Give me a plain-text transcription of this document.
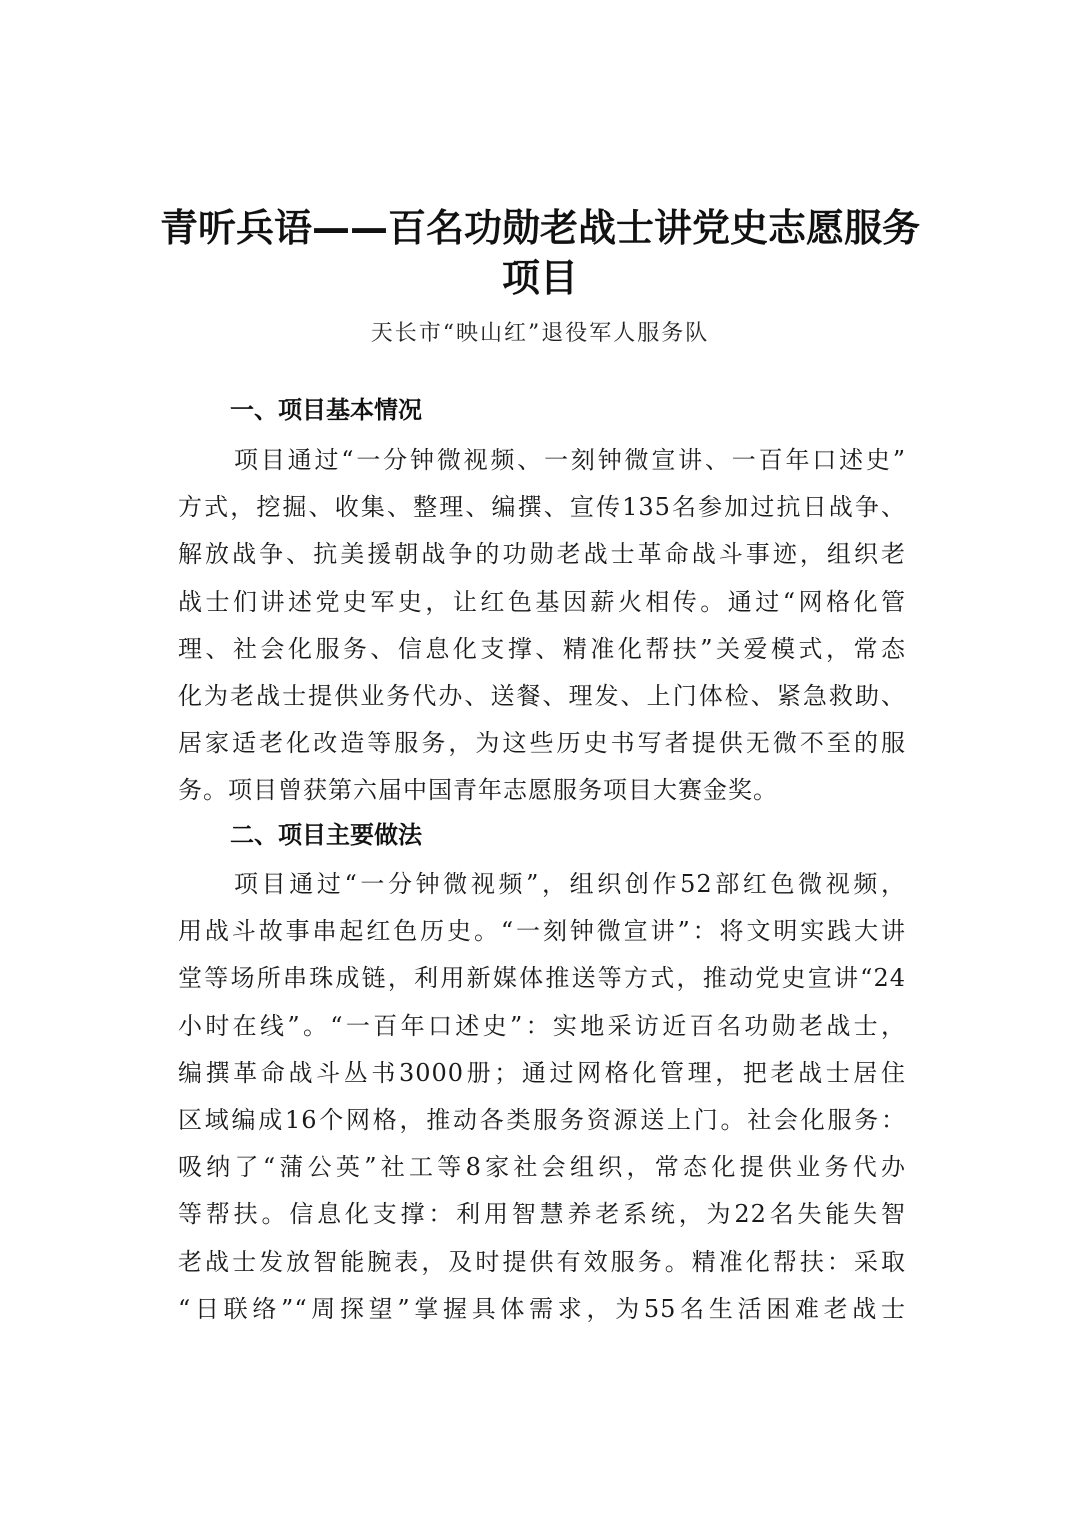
青听兵语——百名功勋老战士讲党史志愿服务
项目
天长市“映山红”退役军人服务队
一、项目基本情况
项目通过“一分钟微视频、一刻钟微宣讲、一百年口述史”
方式，挖掘、收集、整理、编撰、宣传135名参加过抗日战争、
解放战争、抗美援朝战争的功勋老战士革命战斗事迹，组织老
战士们讲述党史军史，让红色基因薪火相传。通过“网格化管
理、社会化服务、信息化支撑、精准化帮扶”关爱模式，常态
化为老战士提供业务代办、送餐、理发、上门体检、紧急救助、
居家适老化改造等服务，为这些历史书写者提供无微不至的服
务。项目曾获第六届中国青年志愿服务项目大赛金奖。
二、项目主要做法
项目通过“一分钟微视频”，组织创作52部红色微视频，
用战斗故事串起红色历史。“一刻钟微宣讲”：将文明实践大讲
堂等场所串珠成链，利用新媒体推送等方式，推动党史宣讲“24
小时在线”。“一百年口述史”：实地采访近百名功勋老战士，
编撰革命战斗丛书3000册；通过网格化管理，把老战士居住
区域编成16个网格，推动各类服务资源送上门。社会化服务：
吸纳了“蒲公英”社工等8家社会组织，常态化提供业务代办
等帮扶。信息化支撑：利用智慧养老系统，为22名失能失智
老战士发放智能腕表，及时提供有效服务。精准化帮扶：采取
“日联络”“周探望”掌握具体需求，为55名生活困难老战士
